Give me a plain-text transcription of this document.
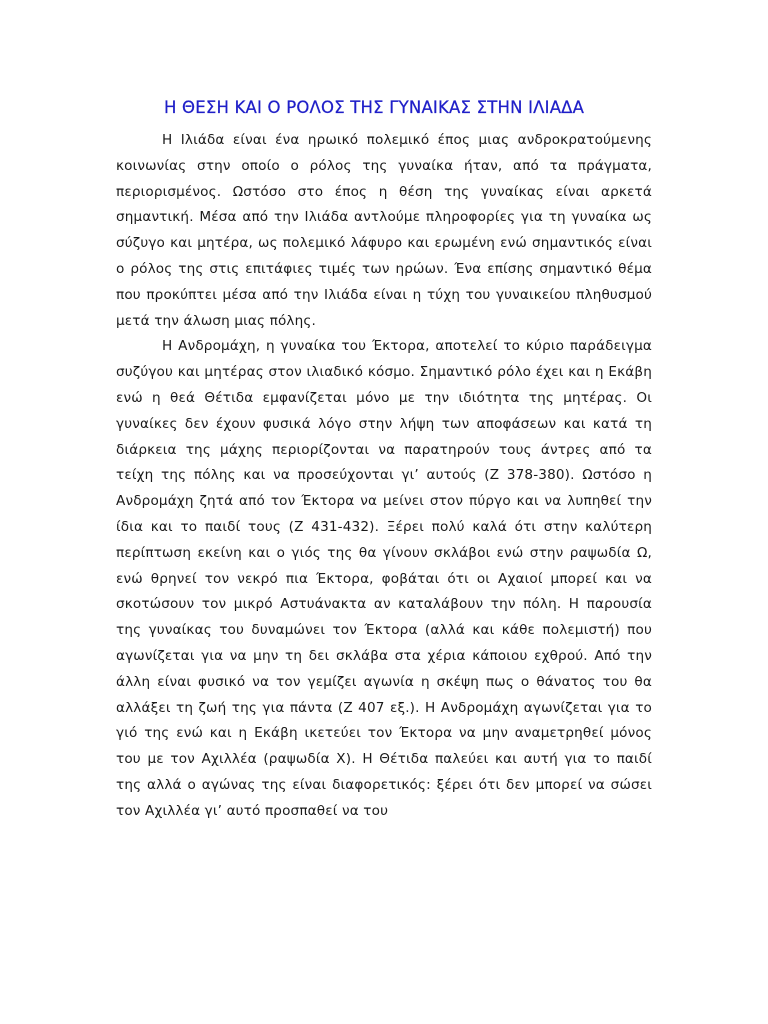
Η ΘΕΣΗ ΚΑΙ Ο ΡΟΛΟΣ ΤΗΣ ΓΥΝΑΙΚΑΣ ΣΤΗΝ ΙΛΙΑΔΑ

Η Ιλιάδα είναι ένα ηρωικό πολεμικό έπος μιας ανδροκρατούμενης κοινωνίας στην οποίο ο ρόλος της γυναίκα ήταν, από τα πράγματα, περιορισμένος. Ωστόσο στο έπος η θέση της γυναίκας είναι αρκετά σημαντική. Μέσα από την Ιλιάδα αντλούμε πληροφορίες για τη γυναίκα ως σύζυγο και μητέρα, ως πολεμικό λάφυρο και ερωμένη ενώ σημαντικός είναι ο ρόλος της στις επιτάφιες τιμές των ηρώων. Ένα επίσης σημαντικό θέμα που προκύπτει μέσα από την Ιλιάδα είναι η τύχη του γυναικείου πληθυσμού μετά την άλωση μιας πόλης.

Η Ανδρομάχη, η γυναίκα του Έκτορα, αποτελεί το κύριο παράδειγμα συζύγου και μητέρας στον ιλιαδικό κόσμο. Σημαντικό ρόλο έχει και η Εκάβη ενώ η θεά Θέτιδα εμφανίζεται μόνο με την ιδιότητα της μητέρας. Οι γυναίκες δεν έχουν φυσικά λόγο στην λήψη των αποφάσεων και κατά τη διάρκεια της μάχης περιορίζονται να παρατηρούν τους άντρες από τα τείχη της πόλης και να προσεύχονται γι’ αυτούς (Ζ 378-380). Ωστόσο η Ανδρομάχη ζητά από τον Έκτορα να μείνει στον πύργο και να λυπηθεί την ίδια και το παιδί τους (Ζ 431-432). Ξέρει πολύ καλά ότι στην καλύτερη περίπτωση εκείνη και ο γιός της θα γίνουν σκλάβοι ενώ στην ραψωδία Ω, ενώ θρηνεί τον νεκρό πια Έκτορα, φοβάται ότι οι Αχαιοί μπορεί και να σκοτώσουν τον μικρό Αστυάνακτα αν καταλάβουν την πόλη. Η παρουσία της γυναίκας του δυναμώνει τον Έκτορα (αλλά και κάθε πολεμιστή) που αγωνίζεται για να μην τη δει σκλάβα στα χέρια κάποιου εχθρού. Από την άλλη είναι φυσικό να τον γεμίζει αγωνία η σκέψη πως ο θάνατος του θα αλλάξει τη ζωή της για πάντα (Ζ 407 εξ.). Η Ανδρομάχη αγωνίζεται για το γιό της ενώ και η Εκάβη ικετεύει τον Έκτορα να μην αναμετρηθεί μόνος του με τον Αχιλλέα (ραψωδία Χ). Η Θέτιδα παλεύει και αυτή για το παιδί της αλλά ο αγώνας της είναι διαφορετικός: ξέρει ότι δεν μπορεί να σώσει τον Αχιλλέα γι’ αυτό προσπαθεί να του
